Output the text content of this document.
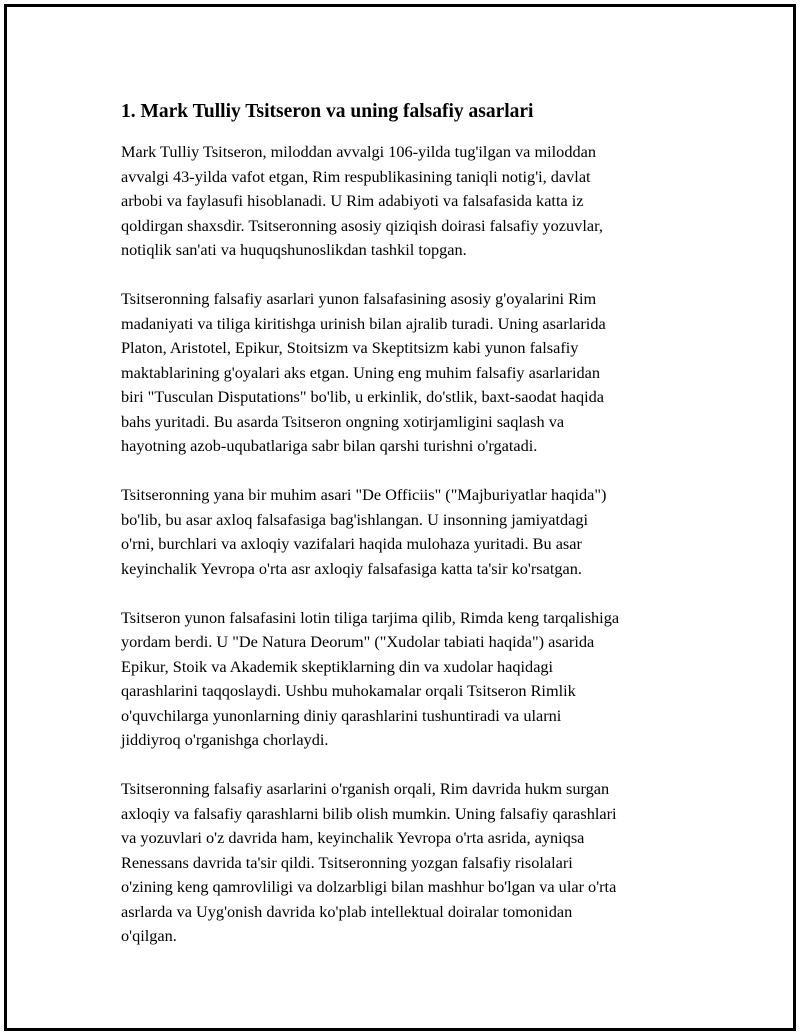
1. Mark Tulliy Tsitseron va uning falsafiy asarlari

Mark Tulliy Tsitseron, miloddan avvalgi 106-yilda tug'ilgan va miloddan
avvalgi 43-yilda vafot etgan, Rim respublikasining taniqli notig'i, davlat
arbobi va faylasufi hisoblanadi. U Rim adabiyoti va falsafasida katta iz
qoldirgan shaxsdir. Tsitseronning asosiy qiziqish doirasi falsafiy yozuvlar,
notiqlik san'ati va huquqshunoslikdan tashkil topgan.

Tsitseronning falsafiy asarlari yunon falsafasining asosiy g'oyalarini Rim
madaniyati va tiliga kiritishga urinish bilan ajralib turadi. Uning asarlarida
Platon, Aristotel, Epikur, Stoitsizm va Skeptitsizm kabi yunon falsafiy
maktablarining g'oyalari aks etgan. Uning eng muhim falsafiy asarlaridan
biri "Tusculan Disputations" bo'lib, u erkinlik, do'stlik, baxt-saodat haqida
bahs yuritadi. Bu asarda Tsitseron ongning xotirjamligini saqlash va
hayotning azob-uqubatlariga sabr bilan qarshi turishni o'rgatadi.

Tsitseronning yana bir muhim asari "De Officiis" ("Majburiyatlar haqida")
bo'lib, bu asar axloq falsafasiga bag'ishlangan. U insonning jamiyatdagi
o'rni, burchlari va axloqiy vazifalari haqida mulohaza yuritadi. Bu asar
keyinchalik Yevropa o'rta asr axloqiy falsafasiga katta ta'sir ko'rsatgan.

Tsitseron yunon falsafasini lotin tiliga tarjima qilib, Rimda keng tarqalishiga
yordam berdi. U "De Natura Deorum" ("Xudolar tabiati haqida") asarida
Epikur, Stoik va Akademik skeptiklarning din va xudolar haqidagi
qarashlarini taqqoslaydi. Ushbu muhokamalar orqali Tsitseron Rimlik
o'quvchilarga yunonlarning diniy qarashlarini tushuntiradi va ularni
jiddiyroq o'rganishga chorlaydi.

Tsitseronning falsafiy asarlarini o'rganish orqali, Rim davrida hukm surgan
axloqiy va falsafiy qarashlarni bilib olish mumkin. Uning falsafiy qarashlari
va yozuvlari o'z davrida ham, keyinchalik Yevropa o'rta asrida, ayniqsa
Renessans davrida ta'sir qildi. Tsitseronning yozgan falsafiy risolalari
o'zining keng qamrovliligi va dolzarbligi bilan mashhur bo'lgan va ular o'rta
asrlarda va Uyg'onish davrida ko'plab intellektual doiralar tomonidan
o'qilgan.
